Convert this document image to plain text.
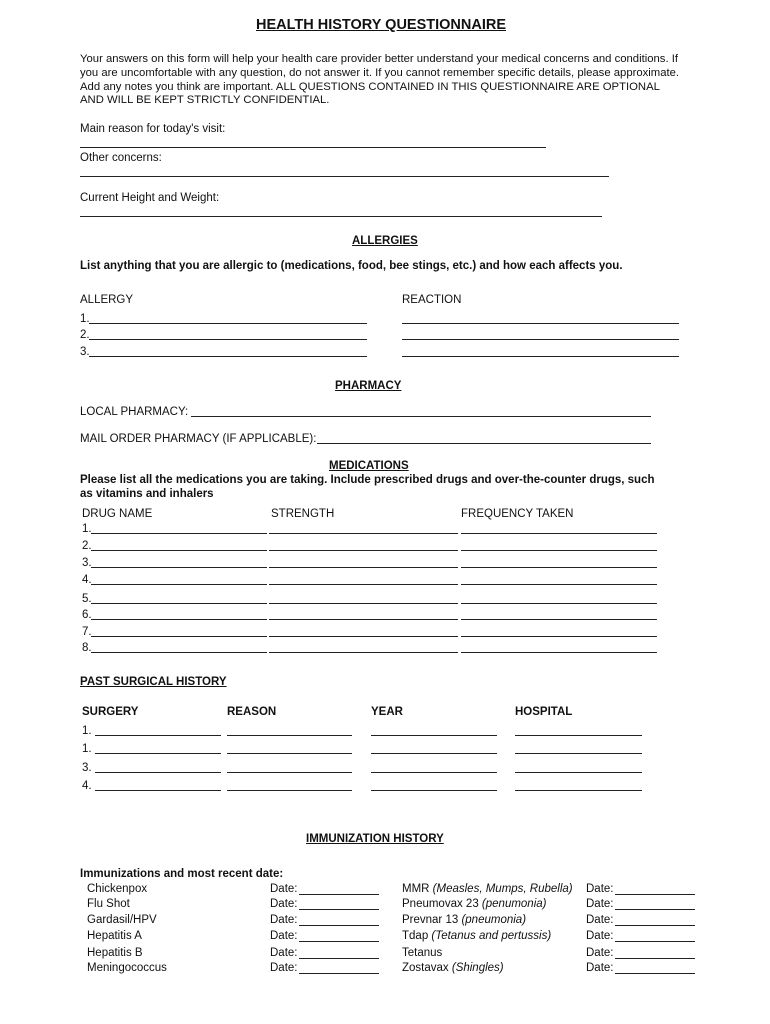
HEALTH HISTORY QUESTIONNAIRE
Your answers on this form will help your health care provider better understand your medical concerns and conditions. If you are uncomfortable with any question, do not answer it. If you cannot remember specific details, please approximate. Add any notes you think are important. ALL QUESTIONS CONTAINED IN THIS QUESTIONNAIRE ARE OPTIONAL AND WILL BE KEPT STRICTLY CONFIDENTIAL.
Main reason for today's visit:
Other concerns:
Current Height and Weight:
ALLERGIES
List anything that you are allergic to (medications, food, bee stings, etc.) and how each affects you.
ALLERGY	REACTION
1.
2.
3.
PHARMACY
LOCAL PHARMACY:
MAIL ORDER PHARMACY (IF APPLICABLE):
MEDICATIONS
Please list all the medications you are taking. Include prescribed drugs and over-the-counter drugs, such
as vitamins and inhalers
DRUG NAME	STRENGTH	FREQUENCY TAKEN
1.
2.
3.
4.
5.
6.
7.
8.
PAST SURGICAL HISTORY
SURGERY	REASON	YEAR	HOSPITAL
1.
1.
3.
4.
IMMUNIZATION HISTORY
Immunizations and most recent date:
Chickenpox	Date:
Flu Shot	Date:
Gardasil/HPV	Date:
Hepatitis A	Date:
Hepatitis B	Date:
Meningococcus	Date:
MMR (Measles, Mumps, Rubella) Date:
Pneumovax 23 (penumonia)	Date:
Prevnar 13 (pneumonia)	Date:
Tdap (Tetanus and pertussis)	Date:
Tetanus	Date:
Zostavax (Shingles)	Date:
